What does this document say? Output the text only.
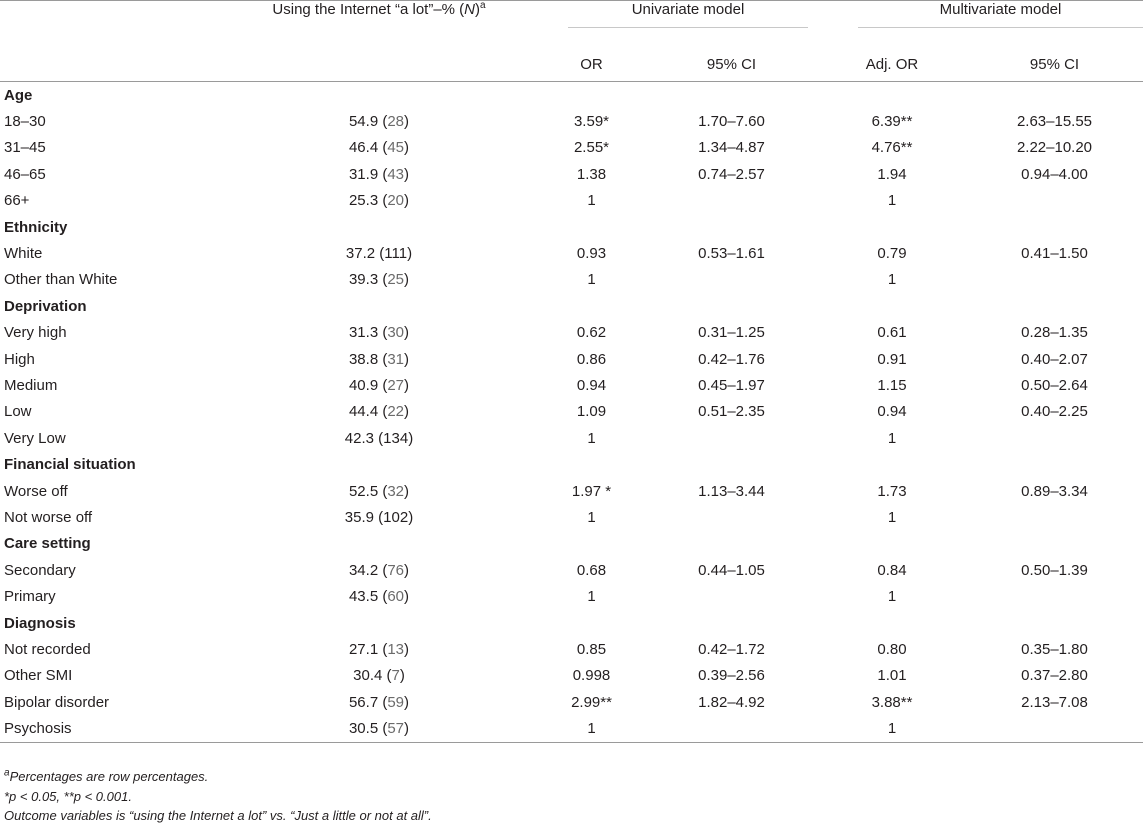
	Using the Internet “a lot”–% $(N)^a$	Univariate model		Multivariate model	

		OR	95% CI	Adj. OR	95% CI
Age					
18–30	54.9 (28)	3.59*	1.70–7.60	6.39**	2.63–15.55
31–45	46.4 (45)	2.55*	1.34–4.87	4.76**	2.22–10.20
46–65	31.9 (43)	1.38	0.74–2.57	1.94	0.94–4.00
66+	25.3 (20)	1		1	
Ethnicity					
White	37.2 (111)	0.93	0.53–1.61	0.79	0.41–1.50
Other than White	39.3 (25)	1		1	
Deprivation					
Very high	31.3 (30)	0.62	0.31–1.25	0.61	0.28–1.35
High	38.8 (31)	0.86	0.42–1.76	0.91	0.40–2.07
Medium	40.9 (27)	0.94	0.45–1.97	1.15	0.50–2.64
Low	44.4 (22)	1.09	0.51–2.35	0.94	0.40–2.25
Very Low	42.3 (134)	1		1	
Financial situation					
Worse off	52.5 (32)	1.97 *	1.13–3.44	1.73	0.89–3.34
Not worse off	35.9 (102)	1		1	
Care setting					
Secondary	34.2 (76)	0.68	0.44–1.05	0.84	0.50–1.39
Primary	43.5 (60)	1		1	
Diagnosis					
Not recorded	27.1 (13)	0.85	0.42–1.72	0.80	0.35–1.80
Other SMI	30.4 (7)	0.998	0.39–2.56	1.01	0.37–2.80
Bipolar disorder	56.7 (59)	2.99**	1.82–4.92	3.88**	2.13–7.08
Psychosis	30.5 (57)	1		1	
$^a$Percentages are row percentages.
*p < 0.05, **p < 0.001.
Outcome variables is “using the Internet a lot” vs. “Just a little or not at all”.
